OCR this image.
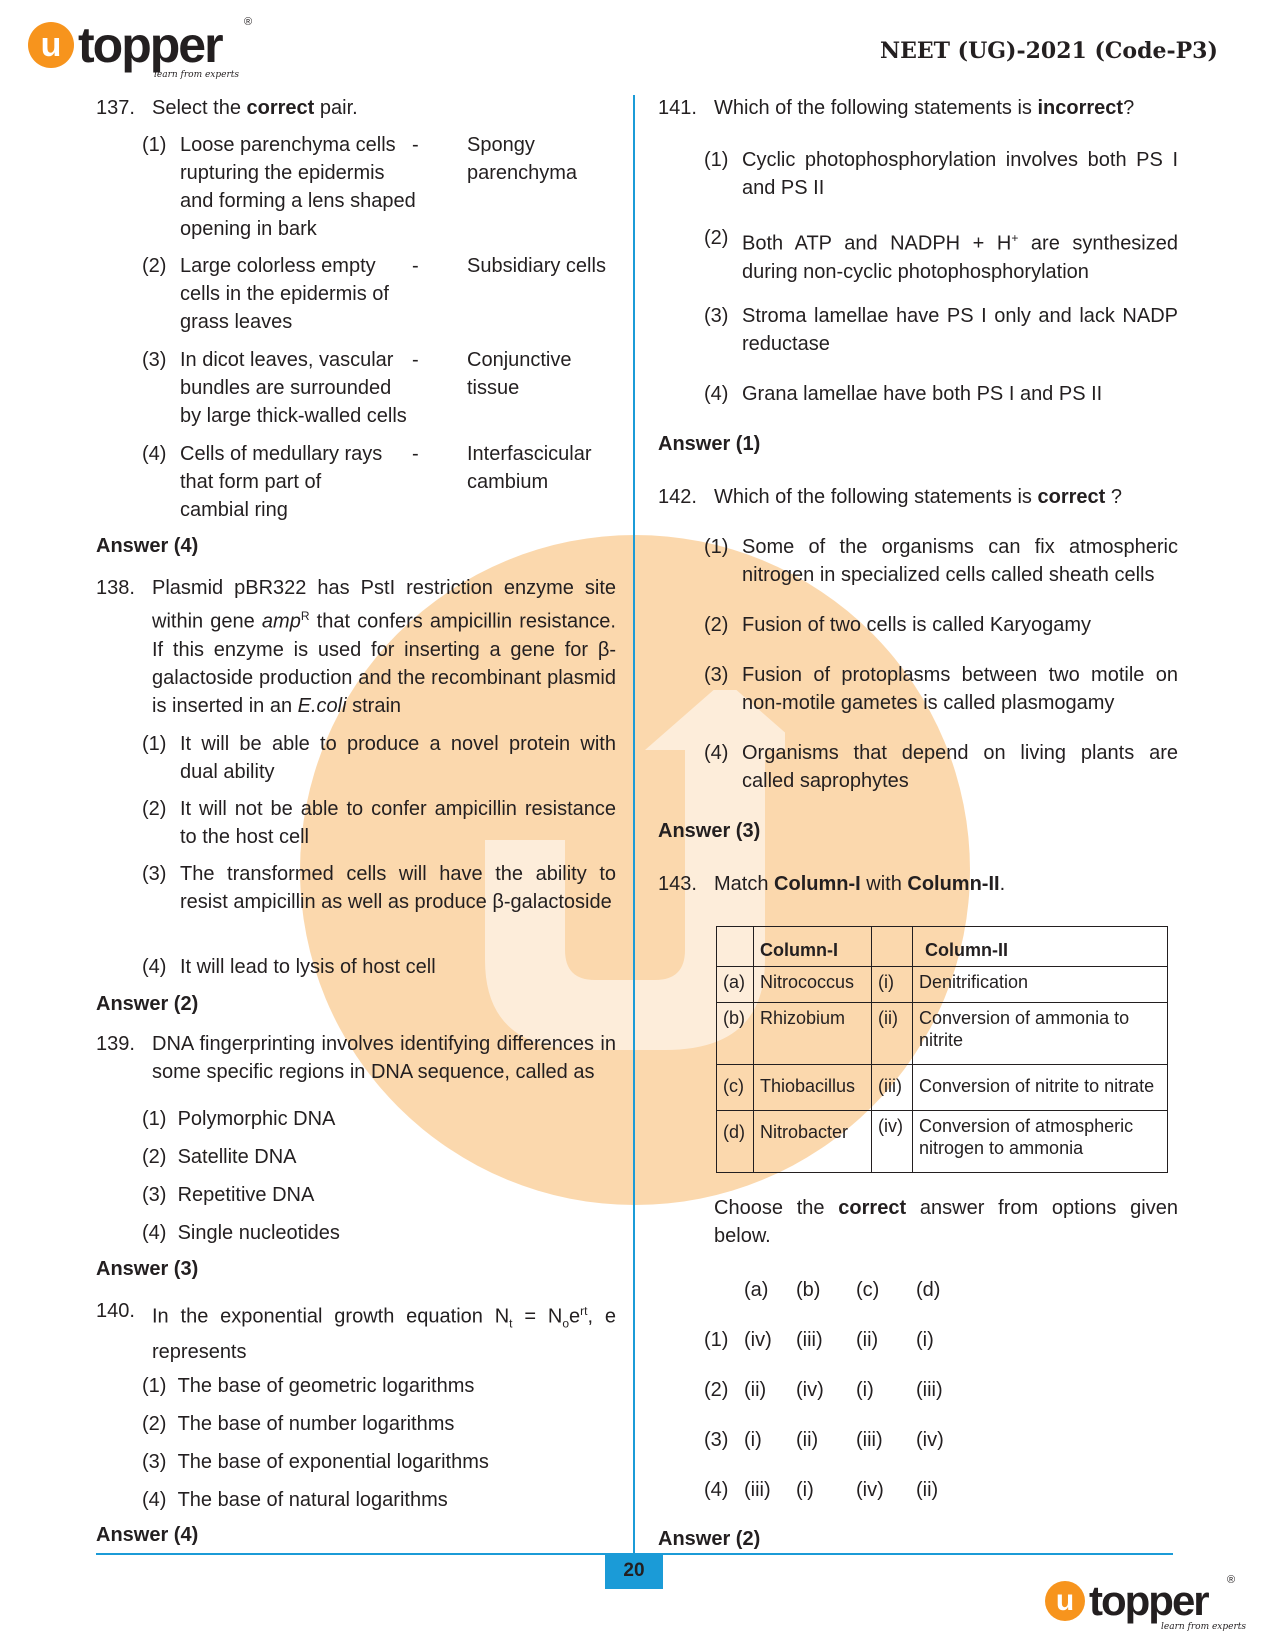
u topper ®
learn from experts
NEET (UG)-2021 (Code-P3)
137. Select the correct pair.
(1) Loose parenchyma cells rupturing the epidermis and forming a lens shaped opening in bark
- Spongy parenchyma
(2) Large colorless empty cells in the epidermis of grass leaves
- Subsidiary cells
(3) In dicot leaves, vascular bundles are surrounded by large thick-walled cells
- Conjunctive tissue
(4) Cells of medullary rays that form part of cambial ring
- Interfascicular cambium
Answer (4)
138. Plasmid pBR322 has PstI restriction enzyme site within gene amp$^R$ that confers ampicillin resistance. If this enzyme is used for inserting a gene for β-galactoside production and the recombinant plasmid is inserted in an E.coli strain
(1) It will be able to produce a novel protein with dual ability
(2) It will not be able to confer ampicillin resistance to the host cell
(3) The transformed cells will have the ability to resist ampicillin as well as produce β-galactoside
(4) It will lead to lysis of host cell
Answer (2)
139. DNA fingerprinting involves identifying differences in some specific regions in DNA sequence, called as
(1) Polymorphic DNA
(2) Satellite DNA
(3) Repetitive DNA
(4) Single nucleotides
Answer (3)
140. In the exponential growth equation $N_t = N_oe^{rt}$, e represents
(1) The base of geometric logarithms
(2) The base of number logarithms
(3) The base of exponential logarithms
(4) The base of natural logarithms
Answer (4)
141. Which of the following statements is incorrect?
(1) Cyclic photophosphorylation involves both PS I and PS II
(2) Both ATP and NADPH + H+ are synthesized during non-cyclic photophosphorylation
(3) Stroma lamellae have PS I only and lack NADP reductase
(4) Grana lamellae have both PS I and PS II
Answer (1)
142. Which of the following statements is correct ?
(1) Some of the organisms can fix atmospheric nitrogen in specialized cells called sheath cells
(2) Fusion of two cells is called Karyogamy
(3) Fusion of protoplasms between two motile on non-motile gametes is called plasmogamy
(4) Organisms that depend on living plants are called saprophytes
Answer (3)
143. Match Column-I with Column-II.
	Column-I		Column-II
(a)	Nitrococcus	(i)	Denitrification
(b)	Rhizobium	(ii)	Conversion of ammonia to nitrite
(c)	Thiobacillus	(iii)	Conversion of nitrite to nitrate
(d)	Nitrobacter	(iv)	Conversion of atmospheric nitrogen to ammonia
Choose the correct answer from options given below.
(a) (b) (c) (d)
(1) (iv) (iii) (ii) (i)
(2) (ii) (iv) (i) (iii)
(3) (i) (ii) (iii) (iv)
(4) (iii) (i) (iv) (ii)
Answer (2)
20
u topper ®
learn from experts
